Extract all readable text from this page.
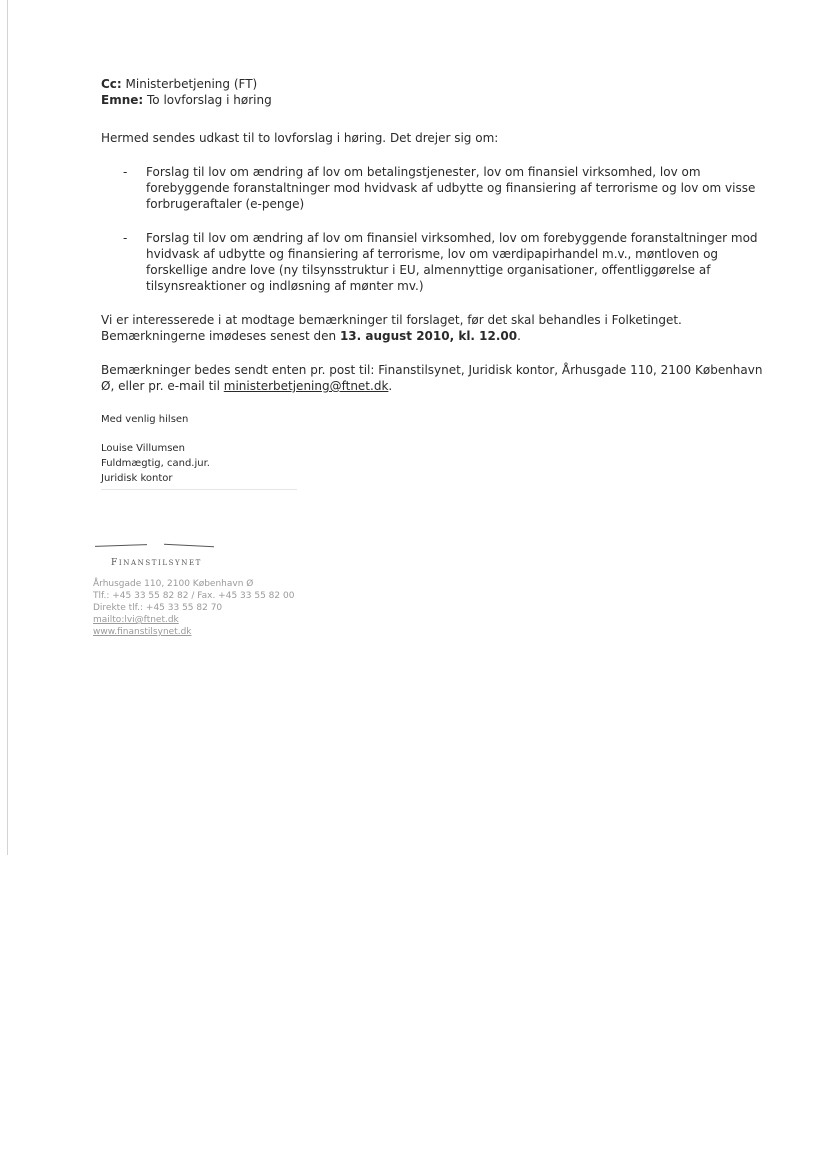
Cc: Ministerbetjening (FT)

Emne: To lovforslag i høring

Hermed sendes udkast til to lovforslag i høring. Det drejer sig om:

- Forslag til lov om ændring af lov om betalingstjenester, lov om finansiel virksomhed, lov om forebyggende foranstaltninger mod hvidvask af udbytte og finansiering af terrorisme og lov om visse forbrugeraftaler (e-penge)
- Forslag til lov om ændring af lov om finansiel virksomhed, lov om forebyggende foranstaltninger mod hvidvask af udbytte og finansiering af terrorisme, lov om værdipapirhandel m.v., møntloven og forskellige andre love (ny tilsynsstruktur i EU, almennyttige organisationer, offentliggørelse af tilsynsreaktioner og indløsning af mønter mv.)

Vi er interesserede i at modtage bemærkninger til forslaget, før det skal behandles i Folketinget. Bemærkningerne imødeses senest den 13. august 2010, kl. 12.00.

Bemærkninger bedes sendt enten pr. post til: Finanstilsynet, Juridisk kontor, Århusgade 110, 2100 København Ø, eller pr. e-mail til ministerbetjening@ftnet.dk.

Med venlig hilsen

Louise Villumsen
Fuldmægtig, cand.jur.
Juridisk kontor
FINANSTILSYNET
Århusgade 110, 2100 København Ø
Tlf.: +45 33 55 82 82 / Fax. +45 33 55 82 00
Direkte tlf.: +45 33 55 82 70
mailto:lvi@ftnet.dk
www.finanstilsynet.dk
